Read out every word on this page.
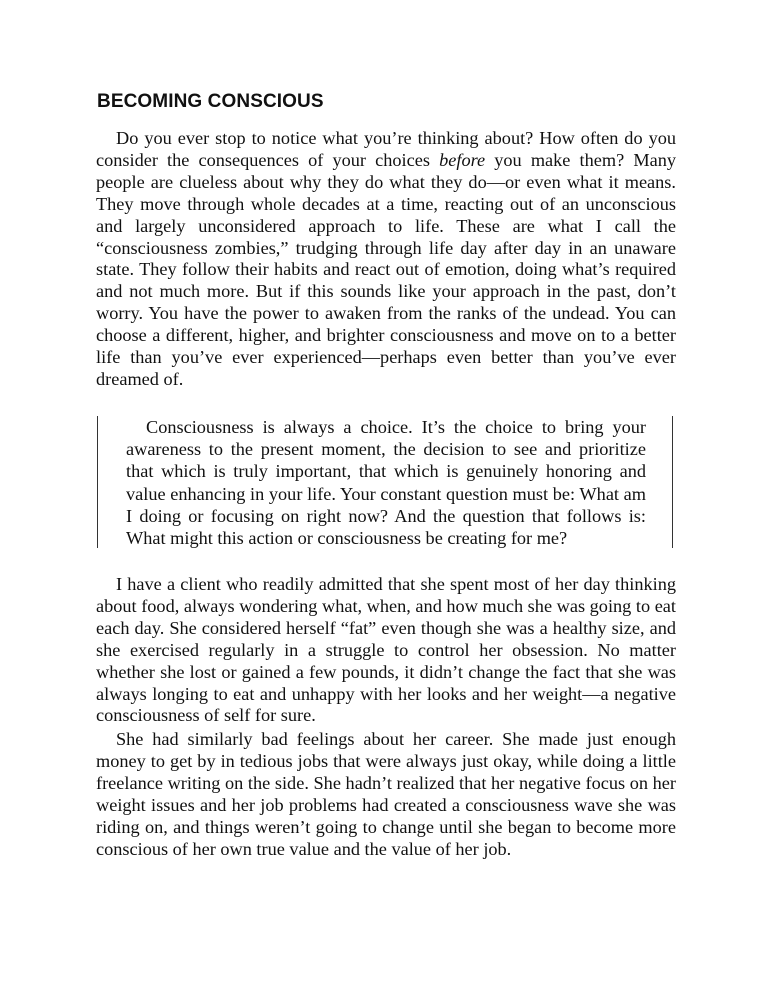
BECOMING CONSCIOUS

Do you ever stop to notice what you’re thinking about? How often do you consider the consequences of your choices before you make them? Many people are clueless about why they do what they do—or even what it means. They move through whole decades at a time, reacting out of an unconscious and largely unconsidered approach to life. These are what I call the “consciousness zombies,” trudging through life day after day in an unaware state. They follow their habits and react out of emotion, doing what’s required and not much more. But if this sounds like your approach in the past, don’t worry. You have the power to awaken from the ranks of the undead. You can choose a different, higher, and brighter consciousness and move on to a better life than you’ve ever experienced—perhaps even better than you’ve ever dreamed of.

Consciousness is always a choice. It’s the choice to bring your awareness to the present moment, the decision to see and prioritize that which is truly important, that which is genuinely honoring and value enhancing in your life. Your constant question must be: What am I doing or focusing on right now? And the question that follows is: What might this action or consciousness be creating for me?

I have a client who readily admitted that she spent most of her day thinking about food, always wondering what, when, and how much she was going to eat each day. She considered herself “fat” even though she was a healthy size, and she exercised regularly in a struggle to control her obsession. No matter whether she lost or gained a few pounds, it didn’t change the fact that she was always longing to eat and unhappy with her looks and her weight—a negative consciousness of self for sure.

She had similarly bad feelings about her career. She made just enough money to get by in tedious jobs that were always just okay, while doing a little freelance writing on the side. She hadn’t realized that her negative focus on her weight issues and her job problems had created a consciousness wave she was riding on, and things weren’t going to change until she began to become more conscious of her own true value and the value of her job.
